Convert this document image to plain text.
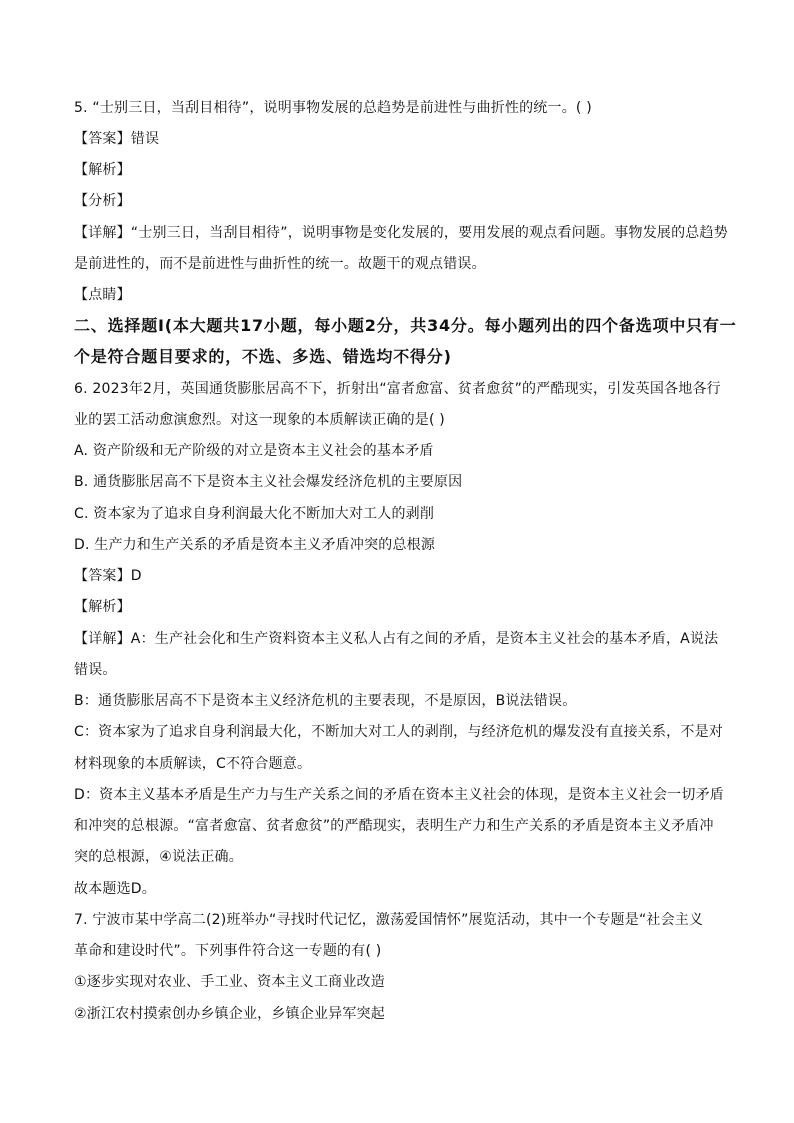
5. “士别三日，当刮目相待”，说明事物发展的总趋势是前进性与曲折性的统一。( )
【答案】错误
【解析】
【分析】
【详解】“士别三日，当刮目相待”，说明事物是变化发展的，要用发展的观点看问题。事物发展的总趋势
是前进性的，而不是前进性与曲折性的统一。故题干的观点错误。
【点睛】
二、选择题Ⅰ(本大题共17小题，每小题2分，共34分。每小题列出的四个备选项中只有一
个是符合题目要求的，不选、多选、错选均不得分)
6. 2023年2月，英国通货膨胀居高不下，折射出“富者愈富、贫者愈贫”的严酷现实，引发英国各地各行
业的罢工活动愈演愈烈。对这一现象的本质解读正确的是( )
A. 资产阶级和无产阶级的对立是资本主义社会的基本矛盾
B. 通货膨胀居高不下是资本主义社会爆发经济危机的主要原因
C. 资本家为了追求自身利润最大化不断加大对工人的剥削
D. 生产力和生产关系的矛盾是资本主义矛盾冲突的总根源
【答案】D
【解析】
【详解】A：生产社会化和生产资料资本主义私人占有之间的矛盾，是资本主义社会的基本矛盾，A说法
错误。
B：通货膨胀居高不下是资本主义经济危机的主要表现，不是原因，B说法错误。
C：资本家为了追求自身利润最大化，不断加大对工人的剥削，与经济危机的爆发没有直接关系，不是对
材料现象的本质解读，C不符合题意。
D：资本主义基本矛盾是生产力与生产关系之间的矛盾在资本主义社会的体现，是资本主义社会一切矛盾
和冲突的总根源。“富者愈富、贫者愈贫”的严酷现实，表明生产力和生产关系的矛盾是资本主义矛盾冲
突的总根源，④说法正确。
故本题选D。
7. 宁波市某中学高二(2)班举办“寻找时代记忆，激荡爱国情怀”展览活动，其中一个专题是“社会主义
革命和建设时代”。下列事件符合这一专题的有( )
①逐步实现对农业、手工业、资本主义工商业改造
②浙江农村摸索创办乡镇企业，乡镇企业异军突起
